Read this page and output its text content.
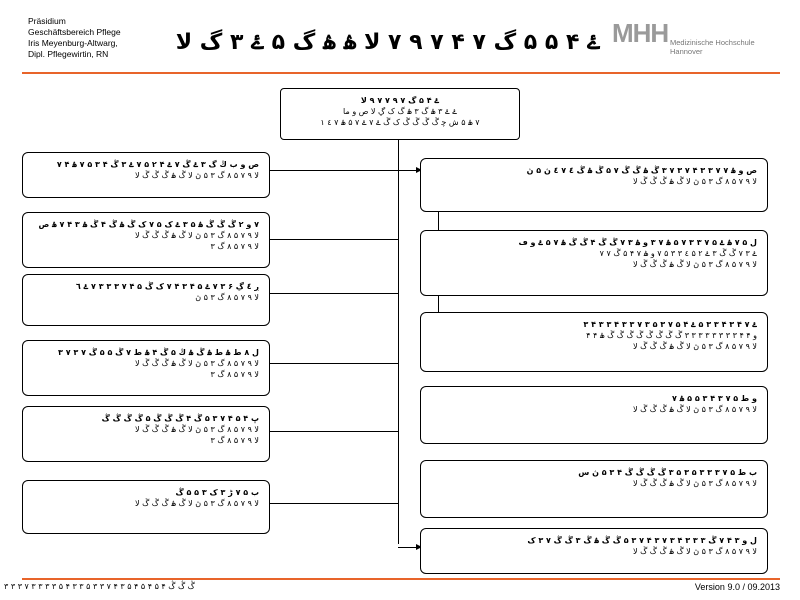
Präsidium
Geschäftsbereich Pflege
Iris Meyenburg-Altwarg,
Dipl. Pflegewirtin, RN	ۓ ۴ ۵ ۵ گ ٧ ۴ ٧ ٩ ٧ لا ۿ ۿ گ ۵ ۓ ۳ گ لا MHH Medizinische Hochschule
Hannover
ۓ ۴ ۵ گ ٧ ٩ ٧ ٧ ٩ لا
ۓ ۓ ۳ ۿ گ ۳ ۿ گ ک ڲ لا ص و ما
٧ ۿ ۵ ش ﭼ ڴ ڴ ڴ ڴ ک ڴ ۓ ٧ ۓ ٧ ۵ ۿ ٧ ٤ ١
ص و ب ڭ گ ٣ ۓ ڴ ٧ ۓ ۴ ٢ ۵ ٧ ۓ ۳ ڴ ۴ ۳ ۵ ٧ ۿ ۴ ٧
لا ٩ ٧ ۵ ٨ گ ۳ ۵ ڽ لا ڴ ۿ ڴ ڴ ڴ لا
٧ و ٢ ڴ ڴ ڴ ۿ ۵ ٣ ۓ ک ۵ ٧ ک ڴ ۿ ڴ ۴ ڴ ۿ ۳ ۴ ٧ ۿ ص
لا ٩ ٧ ۵ ٨ گ ۳ ۵ ڽ لا ڴ ۿ ڴ ڴ ڴ لا
لا ٩ ٧ ۵ ٨ گ ۳
ڔ ٤ ڲ ۶ ۳ ٧ ۓ ۵ ۴ ٣ ۴ ٧ ک ڴ ۵ ۴ ٧ ۳ ۳ ۳ ٧ ۓ ٦
لا ٩ ٧ ۵ ٨ گ ۳ ۵ ڽ
ل ٨ ط ۿ ط ۿ ڴ ۿ ڭ ۵ ڴ ۴ ۿ ط ٧ ڴ ۵ ۵ ڴ ٧ ۳ ٧ ٣
لا ٩ ٧ ۵ ٨ گ ۳ ۵ ڽ لا ڴ ۿ ڴ ڴ ڴ لا
لا ٩ ٧ ۵ ٨ گ ۳
ڀ ۴ ۵ ۴ ٧ ۳ ۵ ڴ ۴ ڴ ڴ ڴ ۵ ڴ ڴ ڴ ڴ
لا ٩ ٧ ۵ ٨ گ ۳ ۵ ڽ لا ڴ ۿ ڴ ڴ ڴ لا
لا ٩ ٧ ۵ ٨ گ ۳
ب ۵ ٧ ڑ ۳ ک ٣ ۵ ۵ ڴ
لا ٩ ٧ ۵ ٨ گ ۳ ۵ ڽ لا ڴ ۿ ڴ ڴ ڴ لا
ص و ۿ ٧ ٧ ۳ ۳ ۴ ٧ ۳ ٧ ۳ ڴ ۿ ڴ ڴ ٧ ۵ ڴ ۿ ڴ ٤ ٧ ٤ ڽ ۵ ڽ
لا ٩ ٧ ۵ ٨ گ ۳ ۵ ڽ لا ڴ ۿ ڴ ڴ ڴ لا
ل ۵ ٧ ۿ ۓ ۵ ٧ ۳ ۳ ٧ ۵ ۿ ٧ ۳ و ۿ ۳ ٧ ڴ ڴ ۴ ڴ ڴ ۿ ٧ ۵ ۓ و ڡ
ۓ ۳ ٧ ڴ ڴ ۳ ۓ ٢ ۵ ٤ ۳ ٣ ۵ ٧ و ۿ ٧ ۴ ۵ ڴ ٧ ٧
لا ٩ ٧ ۵ ٨ گ ۳ ۵ ڽ لا ڴ ۿ ڴ ڴ ڴ لا
ۓ ٧ ۴ ٣ ۴ ۳ ۳ ۵ ۓ ۴ ۵ ٧ ۳ ۵ ۳ ٧ ۳ ۳ ۴ ٣ ۳ ۴ ٣
و ۴ ۴ ۳ ۳ ۳ ۳ ۳ ۳ ۳ ۳ ڴ ڴ ڴ ڴ ڴ ڴ ڴ ڴ ۿ ۴ ۴
لا ٩ ٧ ۵ ٨ گ ۳ ۵ ڽ لا ڴ ۿ ڴ ڴ ڴ لا
و ط ۵ ٧ ۳ ۴ ۳ ۵ ۵ ۿ ٧
لا ٩ ٧ ۵ ٨ گ ۳ ۵ ڽ لا ڴ ۿ ڴ ڴ ڴ لا
ب ط ۵ ٧ ۳ ۳ ۳ ۵ ۳ ۵ ۳ ڴ ڴ ڴ ڴ ۴ ۳ ۵ ڽ س
لا ٩ ٧ ۵ ٨ گ ۳ ۵ ڽ لا ڴ ۿ ڴ ڴ ڴ لا
ل و ۳ ۴ ٧ ڴ ۳ ۳ ۳ ۴ ۳ ٧ ۳ ۴ ٧ ۳ ۵ ڴ ڴ ۿ ڴ ۳ ڴ ڴ ٧ ۳ ک
لا ٩ ٧ ۵ ٨ گ ۳ ۵ ڽ لا ڴ ۿ ڴ ڴ ڴ لا
ڴ ڴ ڴ ۴ ۵ ۴ ۵ ۴ ۵ ۳ ۴ ٧ ۳ ۳ ۵ ۳ ۳ ۴ ۵ ۳ ۳ ۳ ۳ ٧ ۳ ۳ ۳	Version 9.0 / 09.2013
